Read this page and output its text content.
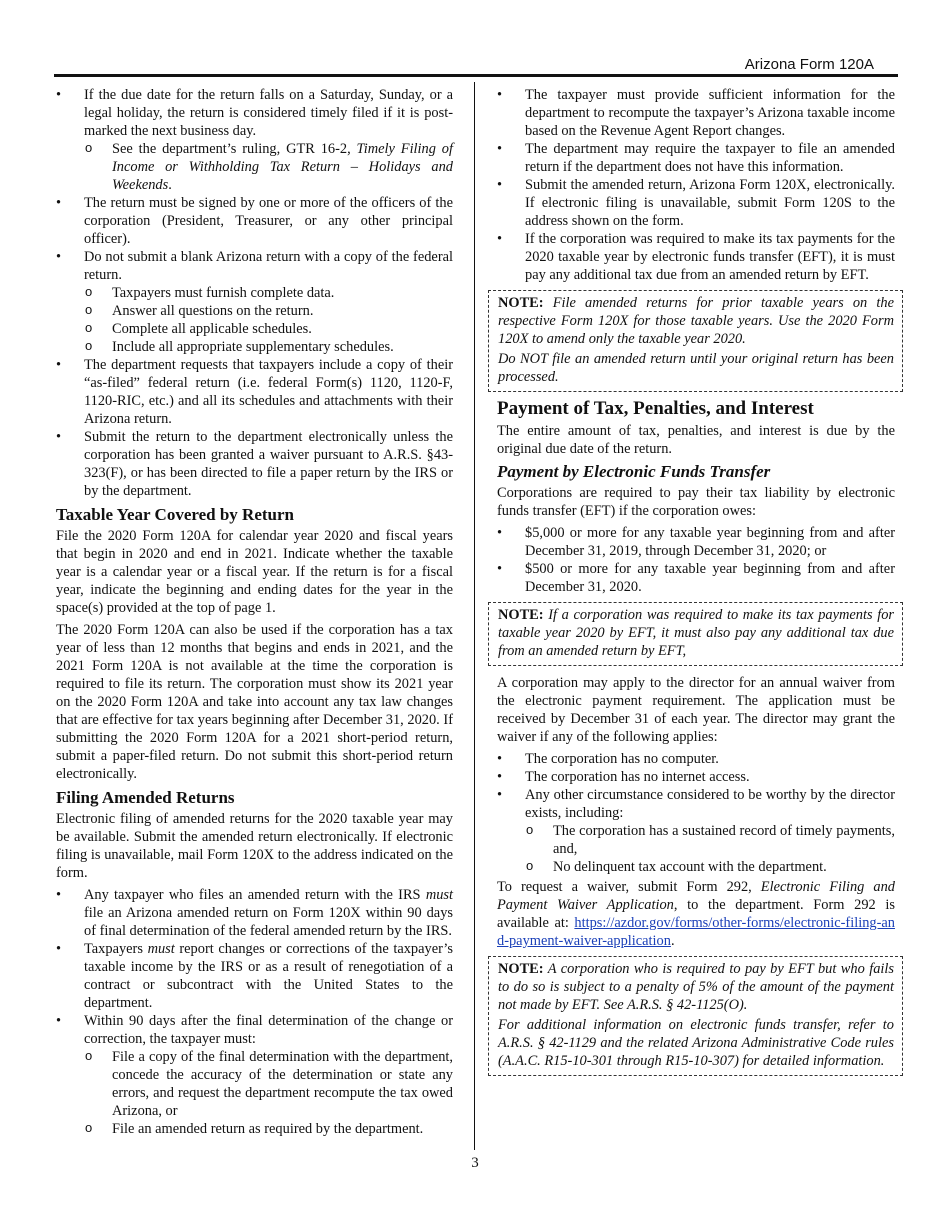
Arizona Form 120A
• If the due date for the return falls on a Saturday, Sunday, or a legal holiday, the return is considered timely filed if it is post-marked the next business day.
o See the department’s ruling, GTR 16-2, Timely Filing of Income or Withholding Tax Return – Holidays and Weekends.
• The return must be signed by one or more of the officers of the corporation (President, Treasurer, or any other principal officer).
• Do not submit a blank Arizona return with a copy of the federal return.
o Taxpayers must furnish complete data.
o Answer all questions on the return.
o Complete all applicable schedules.
o Include all appropriate supplementary schedules.
• The department requests that taxpayers include a copy of their “as-filed” federal return (i.e. federal Form(s) 1120, 1120-F, 1120-RIC, etc.) and all its schedules and attachments with their Arizona return.
• Submit the return to the department electronically unless the corporation has been granted a waiver pursuant to A.R.S. §43-323(F), or has been directed to file a paper return by the IRS or by the department.
Taxable Year Covered by Return

File the 2020 Form 120A for calendar year 2020 and fiscal years that begin in 2020 and end in 2021. Indicate whether the taxable year is a calendar year or a fiscal year. If the return is for a fiscal year, indicate the beginning and ending dates for the year in the space(s) provided at the top of page 1.

The 2020 Form 120A can also be used if the corporation has a tax year of less than 12 months that begins and ends in 2021, and the 2021 Form 120A is not available at the time the corporation is required to file its return. The corporation must show its 2021 year on the 2020 Form 120A and take into account any tax law changes that are effective for tax years beginning after December 31, 2020. If submitting the 2020 Form 120A for a 2021 short-period return, submit a paper-filed return. Do not submit this short-period return electronically.

Filing Amended Returns

Electronic filing of amended returns for the 2020 taxable year may be available. Submit the amended return electronically. If electronic filing is unavailable, mail Form 120X to the address indicated on the form.

• Any taxpayer who files an amended return with the IRS must file an Arizona amended return on Form 120X within 90 days of final determination of the federal amended return by the IRS.
• Taxpayers must report changes or corrections of the taxpayer’s taxable income by the IRS or as a result of renegotiation of a contract or subcontract with the United States to the department.
• Within 90 days after the final determination of the change or correction, the taxpayer must:
o File a copy of the final determination with the department, concede the accuracy of the determination or state any errors, and request the department recompute the tax owed Arizona, or
o File an amended return as required by the department.
• The taxpayer must provide sufficient information for the department to recompute the taxpayer’s Arizona taxable income based on the Revenue Agent Report changes.
• The department may require the taxpayer to file an amended return if the department does not have this information.
• Submit the amended return, Arizona Form 120X, electronically. If electronic filing is unavailable, submit Form 120S to the address shown on the form.
• If the corporation was required to make its tax payments for the 2020 taxable year by electronic funds transfer (EFT), it is must pay any additional tax due from an amended return by EFT.

NOTE: File amended returns for prior taxable years on the respective Form 120X for those taxable years. Use the 2020 Form 120X to amend only the taxable year 2020.

Do NOT file an amended return until your original return has been processed.

Payment of Tax, Penalties, and Interest

The entire amount of tax, penalties, and interest is due by the original due date of the return.

Payment by Electronic Funds Transfer

Corporations are required to pay their tax liability by electronic funds transfer (EFT) if the corporation owes:

• $5,000 or more for any taxable year beginning from and after December 31, 2019, through December 31, 2020; or
• $500 or more for any taxable year beginning from and after December 31, 2020.

NOTE: If a corporation was required to make its tax payments for taxable year 2020 by EFT, it must also pay any additional tax due from an amended return by EFT,

A corporation may apply to the director for an annual waiver from the electronic payment requirement. The application must be received by December 31 of each year. The director may grant the waiver if any of the following applies:

• The corporation has no computer.
• The corporation has no internet access.
• Any other circumstance considered to be worthy by the director exists, including:
o The corporation has a sustained record of timely payments, and,
o No delinquent tax account with the department.

To request a waiver, submit Form 292, Electronic Filing and Payment Waiver Application, to the department. Form 292 is available at: https://azdor.gov/forms/other-forms/electronic-filing-and-payment-waiver-application.

NOTE: A corporation who is required to pay by EFT but who fails to do so is subject to a penalty of 5% of the amount of the payment not made by EFT. See A.R.S. § 42-1125(O).

For additional information on electronic funds transfer, refer to A.R.S. § 42-1129 and the related Arizona Administrative Code rules (A.A.C. R15-10-301 through R15-10-307) for detailed information.

3
